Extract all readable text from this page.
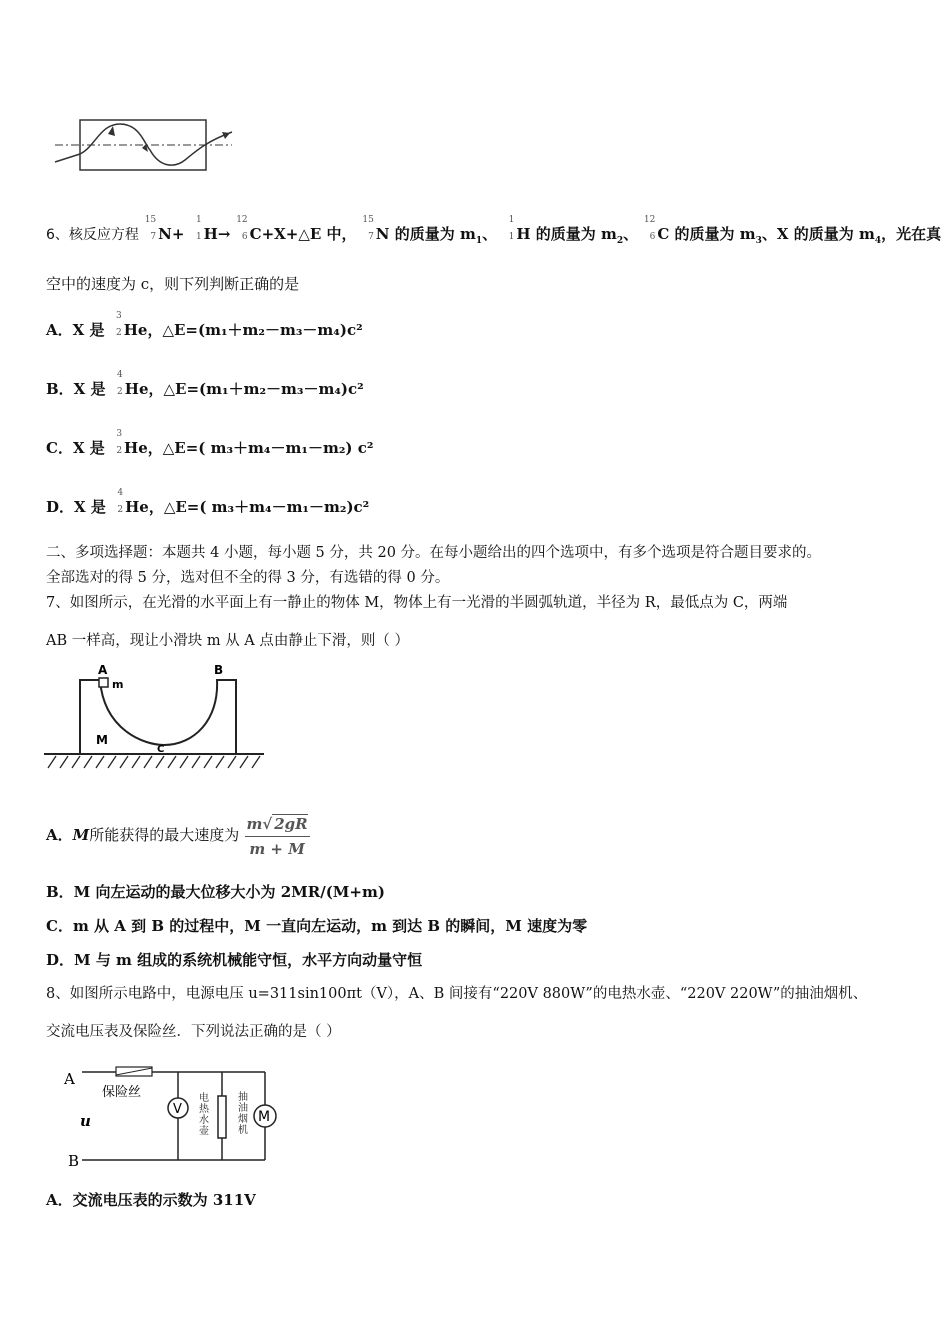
6、核反应方程
15
7 N+
1
1 H→
12
6 C+X+△E 中，
15
7 N 的质量为 $m_1$、
1
1 H 的质量为 $m_2$、
12
6 C 的质量为 $m_3$、X 的质量为 $m_4$，光在真
空中的速度为 c，则下列判断正确的是
A．X 是
3
2 He，△E=(m₁＋m₂－m₃－m₄)c²
B．X 是
4
2 He，△E=(m₁＋m₂－m₃－m₄)c²
C．X 是
3
2 He，△E=( m₃＋m₄－m₁－m₂) c²
D．X 是
4
2 He，△E=( m₃＋m₄－m₁－m₂)c²
二、多项选择题：本题共 4 小题，每小题 5 分，共 20 分。在每小题给出的四个选项中，有多个选项是符合题目要求的。
全部选对的得 5 分，选对但不全的得 3 分，有选错的得 0 分。
7、如图所示，在光滑的水平面上有一静止的物体 M，物体上有一光滑的半圆弧轨道，半径为 R，最低点为 C，两端
AB 一样高，现让小滑块 m 从 A 点由静止下滑，则（ ）
A
m
B
M
C
A．M所能获得的最大速度为 $\frac{m√ 2gR}{m + M}$
B．M 向左运动的最大位移大小为 2MR/(M+m)
C．m 从 A 到 B 的过程中，M 一直向左运动，m 到达 B 的瞬间，M 速度为零
D．M 与 m 组成的系统机械能守恒，水平方向动量守恒
8、如图所示电路中，电源电压 u=311sin100πt（V），A、B 间接有“220V 880W”的电热水壶、“220V 220W”的抽油烟机、
交流电压表及保险丝．下列说法正确的是（ ）
V	M
A
B
u
保险丝	电热水壶
抽油烟机
A．交流电压表的示数为 311V
